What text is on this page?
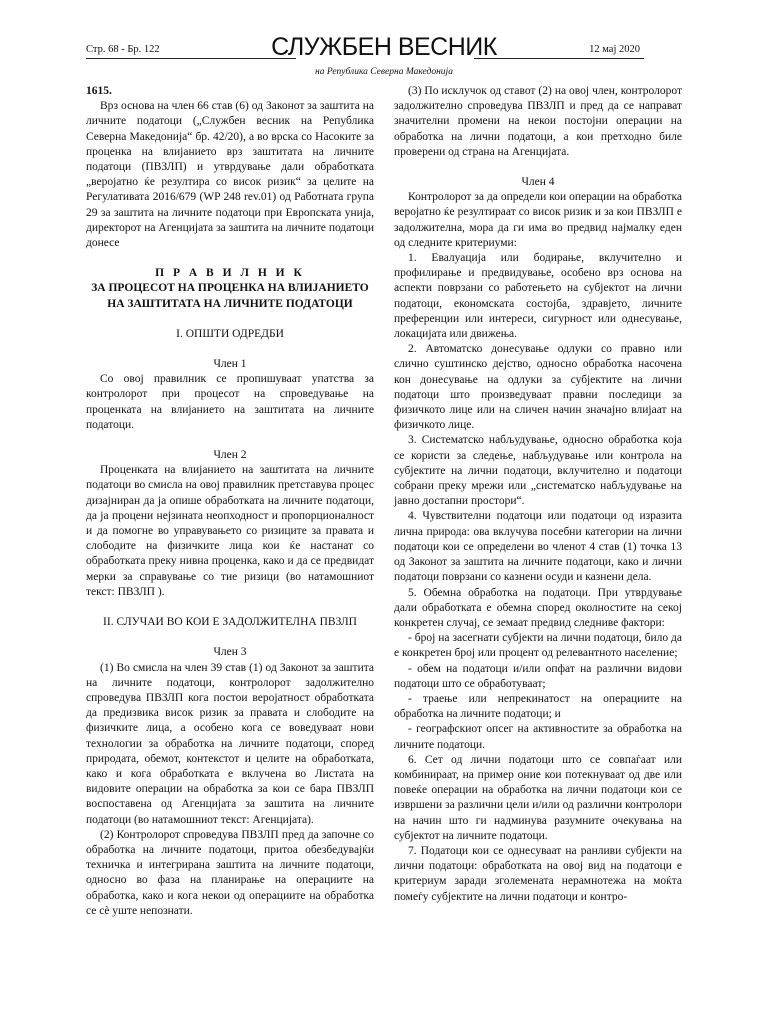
Стр. 68 - Бр. 122	СЛУЖБЕН ВЕСНИК
на Република Северна Македонија
12 мај 2020

1615.

Врз основа на член 66 став (6) од Законот за заштита на личните податоци („Службен весник на Република Северна Македонија“ бр. 42/20), а во врска со Насоките за проценка на влијанието врз заштитата на личните податоци (ПВЗЛП) и утврдување дали обработката „веројатно ќе резултира со висок ризик“ за целите на Регулативата 2016/679 (WP 248 rev.01) од Работната група 29 за заштита на личните податоци при Европската унија, директорот на Агенцијата за заштита на личните податоци донесе

П Р А В И Л Н И К

ЗА ПРОЦЕСОТ НА ПРОЦЕНКА НА ВЛИЈАНИЕТО НА ЗАШТИТАТА НА ЛИЧНИТЕ ПОДАТОЦИ

I. ОПШТИ ОДРЕДБИ

Член 1

Со овој правилник се пропишуваат упатства за контролорот при процесот на спроведување на проценката на влијанието на заштитата на личните податоци.

Член 2

Проценката на влијанието на заштитата на личните податоци во смисла на овој правилник претставува процес дизајниран да ја опише обработката на личните податоци, да ја процени нејзината неопходност и пропорционалност и да помогне во управувањето со ризиците за правата и слободите на физичките лица кои ќе настанат со обработката преку нивна проценка, како и да се предвидат мерки за справување со тие ризици (во натамошниот текст: ПВЗЛП ).

II. СЛУЧАИ ВО КОИ Е ЗАДОЛЖИТЕЛНА ПВЗЛП

Член 3

(1) Во смисла на член 39 став (1) од Законот за заштита на личните податоци, контролорот задолжително спроведува ПВЗЛП кога постои веројатност обработката да предизвика висок ризик за правата и слободите на физичките лица, а особено кога се воведуваат нови технологии за обработка на личните податоци, според природата, обемот, контекстот и целите на обработката, како и кога обработката е вклучена во Листата на видовите операции на обработка за кои се бара ПВЗЛП воспоставена од Агенцијата за заштита на личните податоци (во натамошниот текст: Агенцијата).

(2) Контролорот спроведува ПВЗЛП пред да започне со обработка на личните податоци, притоа обезбедувајќи техничка и интегрирана заштита на личните податоци, односно во фаза на планирање на операциите на обработка, како и кога некои од операциите на обработка се сè уште непознати.

(3) По исклучок од ставот (2) на овој член, контролорот задолжително спроведува ПВЗЛП и пред да се направат значителни промени на некои постојни операции на обработка на лични податоци, а кои претходно биле проверени од страна на Агенцијата.

Член 4

Контролорот за да определи кои операции на обработка веројатно ќе резултираат со висок ризик и за кои ПВЗЛП е задолжителна, мора да ги има во предвид најмалку еден од следните критериуми:

1. Евалуација или бодирање, вклучително и профилирање и предвидување, особено врз основа на аспекти поврзани со работењето на субјектот на лични податоци, економската состојба, здравјето, личните преференции или интереси, сигурност или однесување, локацијата или движења.

2. Автоматско донесување одлуки со правно или слично суштинско дејство, односно обработка насочена кон донесување на одлуки за субјектите на лични податоци што произведуваат правни последици за физичкото лице или на сличен начин значајно влијаат на физичкото лице.

3. Систематско набљудување, односно обработка која се користи за следење, набљудување или контрола на субјектите на лични податоци, вклучително и податоци собрани преку мрежи или „систематско набљудување на јавно достапни простори“.

4. Чувствителни податоци или податоци од изразита лична природа: ова вклучува посебни категории на лични податоци кои се определени во членот 4 став (1) точка 13 од Законот за заштита на личните податоци, како и лични податоци поврзани со казнени осуди и казнени дела.

5. Обемна обработка на податоци. При утврдување дали обработката е обемна според околностите на секој конкретен случај, се земаат предвид следниве фактори:

- број на засегнати субјекти на лични податоци, било да е конкретен број или процент од релевантното население;

- обем на податоци и/или опфат на различни видови податоци што се обработуваат;

- траење или непрекинатост на операциите на обработка на личните податоци; и

- географскиот опсег на активностите за обработка на личните податоци.

6. Сет од лични податоци што се совпаѓаат или комбинираат, на пример оние кои потекнуваат од две или повеќе операции на обработка на лични податоци кои се извршени за различни цели и/или од различни контролори на начин што ги надминува разумните очекувања на субјектот на личните податоци.

7. Податоци кои се однесуваат на ранливи субјекти на лични податоци: обработката на овој вид на податоци е критериум заради зголемената нерамнотежа на моќта помеѓу субјектите на лични податоци и контро-
